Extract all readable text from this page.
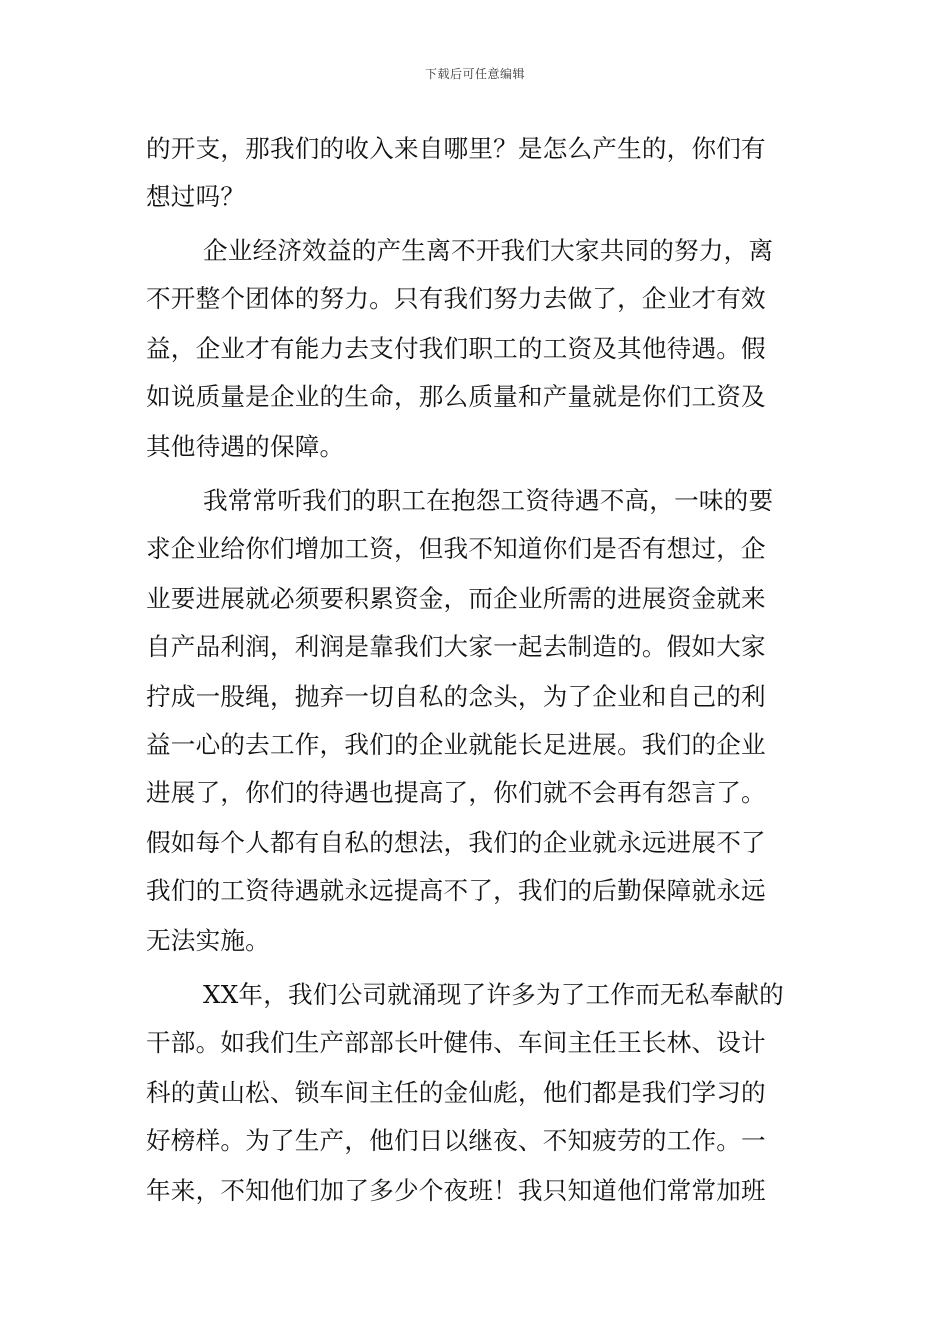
下载后可任意编辑
的开支，那我们的收入来自哪里？是怎么产生的，你们有
想过吗？
企业经济效益的产生离不开我们大家共同的努力，离
不开整个团体的努力。只有我们努力去做了，企业才有效
益，企业才有能力去支付我们职工的工资及其他待遇。假
如说质量是企业的生命，那么质量和产量就是你们工资及
其他待遇的保障。
我常常听我们的职工在抱怨工资待遇不高，一味的要
求企业给你们增加工资，但我不知道你们是否有想过，企
业要进展就必须要积累资金，而企业所需的进展资金就来
自产品利润，利润是靠我们大家一起去制造的。假如大家
拧成一股绳，抛弃一切自私的念头，为了企业和自己的利
益一心的去工作，我们的企业就能长足进展。我们的企业
进展了，你们的待遇也提高了，你们就不会再有怨言了。
假如每个人都有自私的想法，我们的企业就永远进展不了
我们的工资待遇就永远提高不了，我们的后勤保障就永远
无法实施。
XX年，我们公司就涌现了许多为了工作而无私奉献的
干部。如我们生产部部长叶健伟、车间主任王长林、设计
科的黄山松、锁车间主任的金仙彪，他们都是我们学习的
好榜样。为了生产，他们日以继夜、不知疲劳的工作。一
年来，不知他们加了多少个夜班！我只知道他们常常加班
